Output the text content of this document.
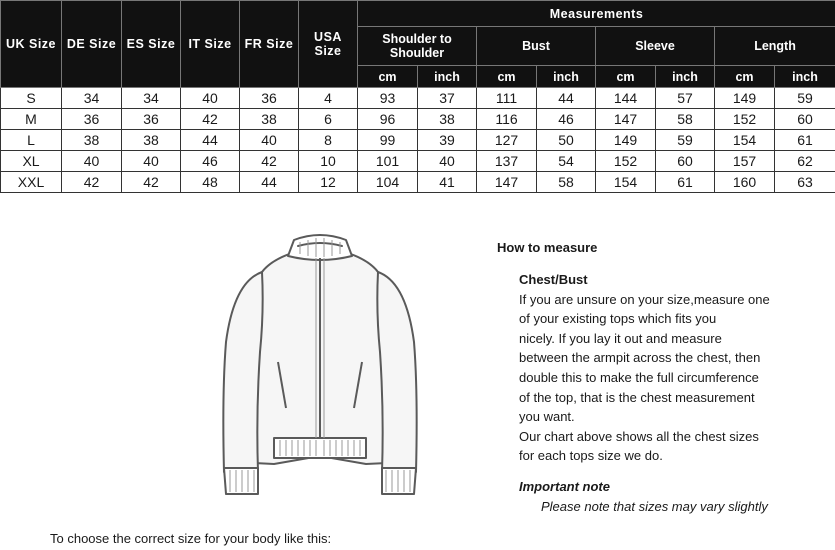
UK Size	DE Size	ES Size	IT Size	FR Size	USA Size	Measurements							
						Shoulder to Shoulder		Bust		Sleeve		Length	
						cm	inch	cm	inch	cm	inch	cm	inch
S	34	34	40	36	4	93	37	111	44	144	57	149	59
M	36	36	42	38	6	96	38	116	46	147	58	152	60
L	38	38	44	40	8	99	39	127	50	149	59	154	61
XL	40	40	46	42	10	101	40	137	54	152	60	157	62
XXL	42	42	48	44	12	104	41	147	58	154	61	160	63
How to measure
Chest/Bust
If you are unsure on your size,measure one
of your existing tops which fits you
nicely. If you lay it out and measure
between the armpit across the chest, then
double this to make the full circumference
of the top, that is the chest measurement
you want.
Our chart above shows all the chest sizes
for each tops size we do.
Important note
Please note that sizes may vary slightly
To choose the correct size for your body like this:
